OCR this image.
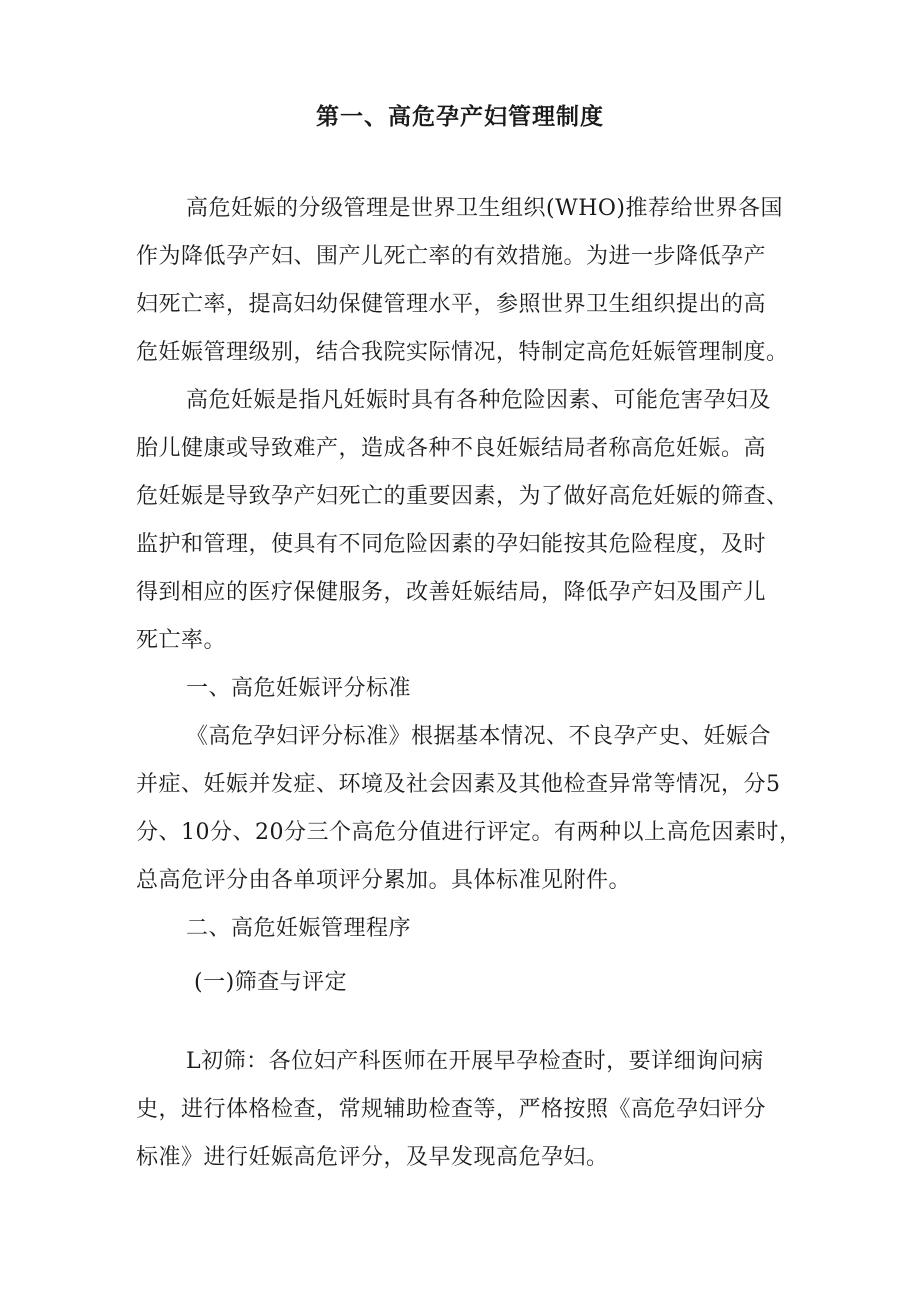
第一、高危孕产妇管理制度
高危妊娠的分级管理是世界卫生组织(WHO)推荐给世界各国
作为降低孕产妇、围产儿死亡率的有效措施。为进一步降低孕产
妇死亡率，提高妇幼保健管理水平，参照世界卫生组织提出的高
危妊娠管理级别，结合我院实际情况，特制定高危妊娠管理制度。
高危妊娠是指凡妊娠时具有各种危险因素、可能危害孕妇及
胎儿健康或导致难产，造成各种不良妊娠结局者称高危妊娠。高
危妊娠是导致孕产妇死亡的重要因素，为了做好高危妊娠的筛查、
监护和管理，使具有不同危险因素的孕妇能按其危险程度，及时
得到相应的医疗保健服务，改善妊娠结局，降低孕产妇及围产儿
死亡率。
一、高危妊娠评分标准
《高危孕妇评分标准》根据基本情况、不良孕产史、妊娠合
并症、妊娠并发症、环境及社会因素及其他检查异常等情况，分5
分、10分、20分三个高危分值进行评定。有两种以上高危因素时，
总高危评分由各单项评分累加。具体标准见附件。
二、高危妊娠管理程序
(一)筛查与评定
L初筛：各位妇产科医师在开展早孕检查时，要详细询问病
史，进行体格检查，常规辅助检查等，严格按照《高危孕妇评分
标准》进行妊娠高危评分，及早发现高危孕妇。
